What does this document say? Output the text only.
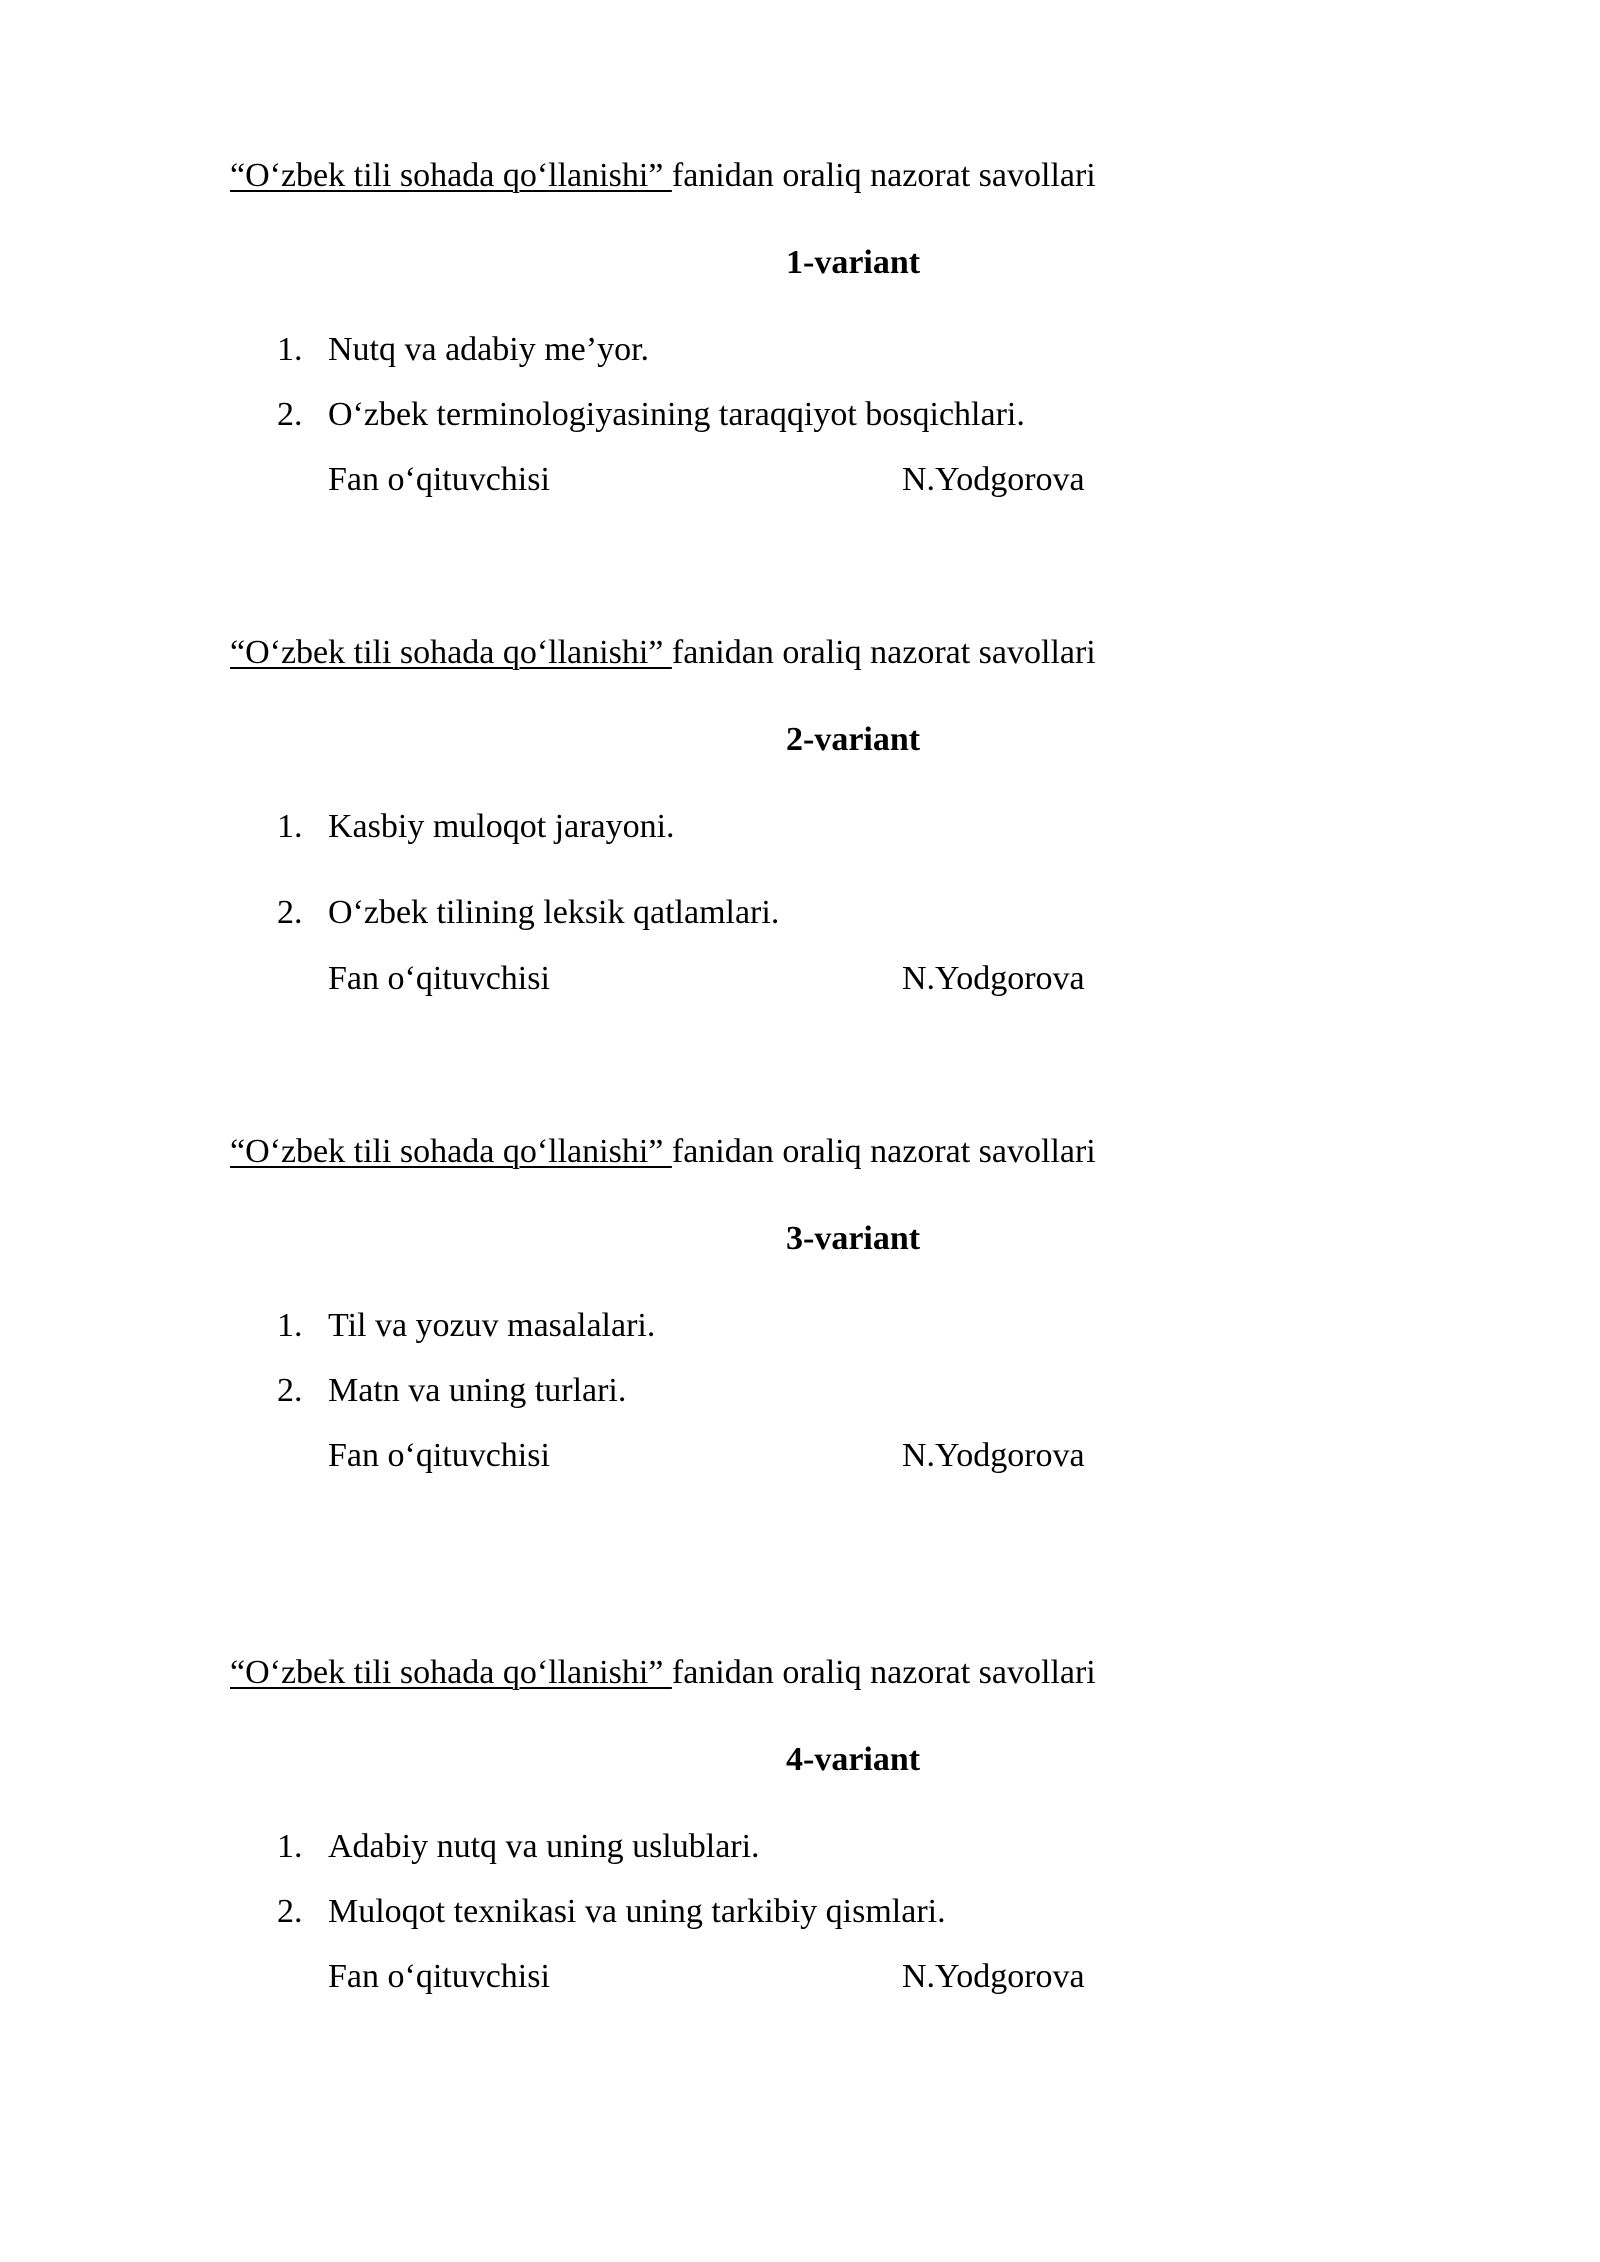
“O‘zbek tili sohada qo‘llanishi” fanidan oraliq nazorat savollari
1-variant
1. Nutq va adabiy me’yor.
2. O‘zbek terminologiyasining taraqqiyot bosqichlari.
Fan o‘qituvchisi	N.Yodgorova
“O‘zbek tili sohada qo‘llanishi” fanidan oraliq nazorat savollari
2-variant
1. Kasbiy muloqot jarayoni.
2. O‘zbek tilining leksik qatlamlari.
Fan o‘qituvchisi	N.Yodgorova
“O‘zbek tili sohada qo‘llanishi” fanidan oraliq nazorat savollari
3-variant
1. Til va yozuv masalalari.
2. Matn va uning turlari.
Fan o‘qituvchisi	N.Yodgorova
“O‘zbek tili sohada qo‘llanishi” fanidan oraliq nazorat savollari
4-variant
1. Adabiy nutq va uning uslublari.
2. Muloqot texnikasi va uning tarkibiy qismlari.
Fan o‘qituvchisi	N.Yodgorova
